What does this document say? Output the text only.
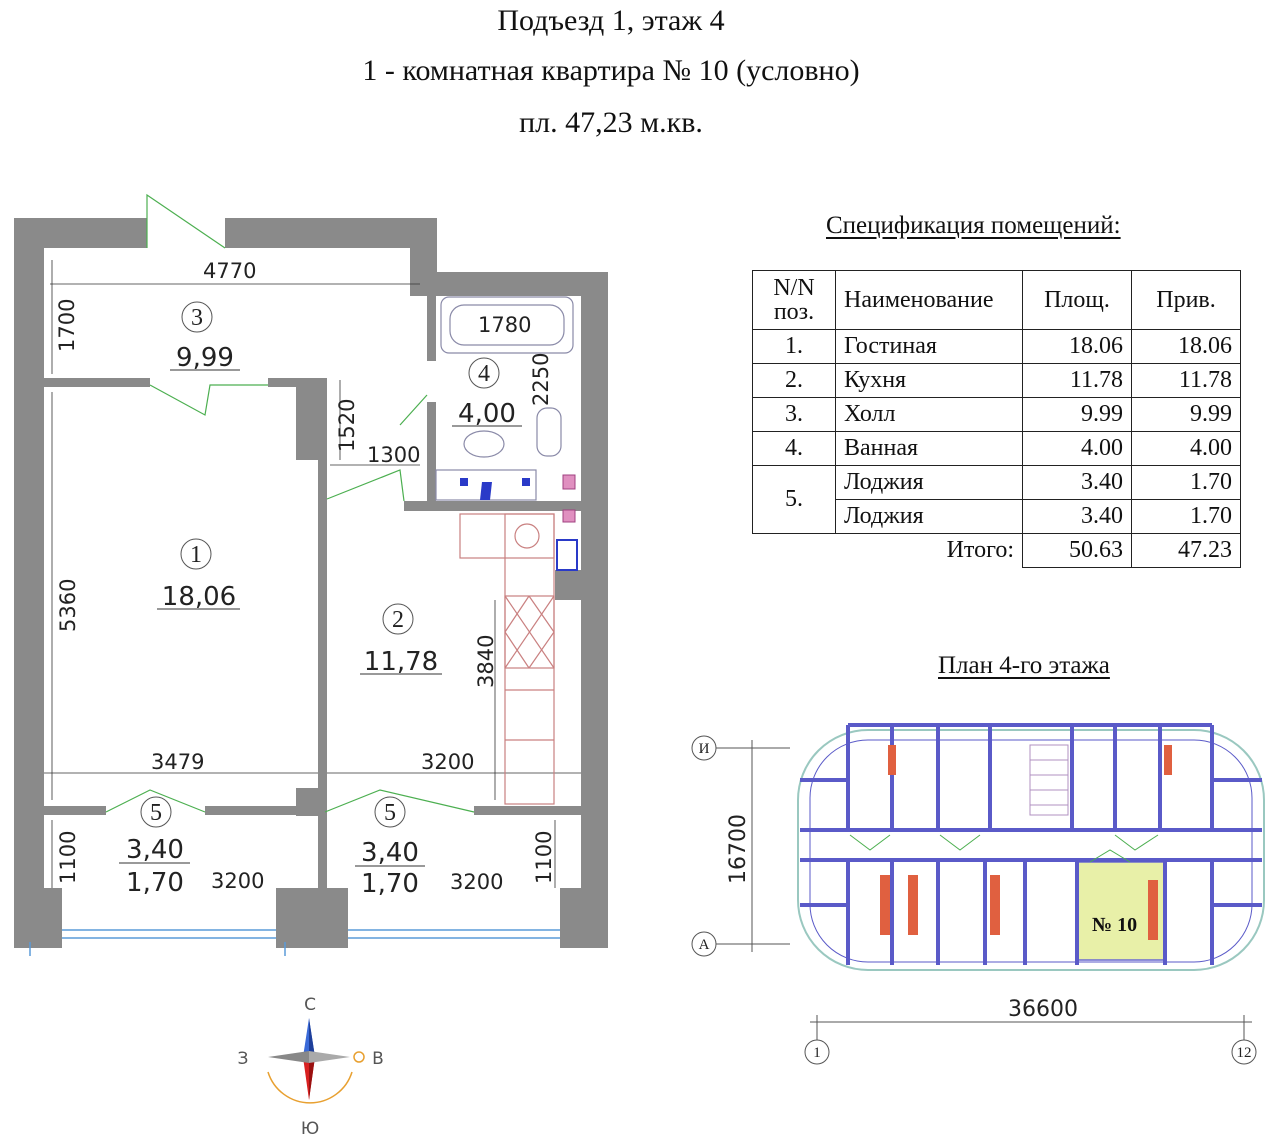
Подъезд 1, этаж 4
1 - комнатная квартира № 10 (условно)
пл. 47,23 м.кв.
3
4
1
2
5	5
9,99
4,00
18,06
11,78
3,40
1,70
3,40
1,70
4770
1700	1780
2250
1520
1300
5360
3840
3479	3200
1100	3200	3200 1100
С
Ю
З	В
И
А
1	12
16700
36600
№ 10
Спецификация помещений:
N/N поз.	Наименование	Площ.	Прив.
1.	Гостиная	18.06	18.06
2.	Кухня	11.78	11.78
3.	Холл	9.99	9.99
4.	Ванная	4.00	4.00
5.	Лоджия	3.40	1.70
	Лоджия	3.40	1.70
Итого:		50.63	47.23
План 4-го этажа
